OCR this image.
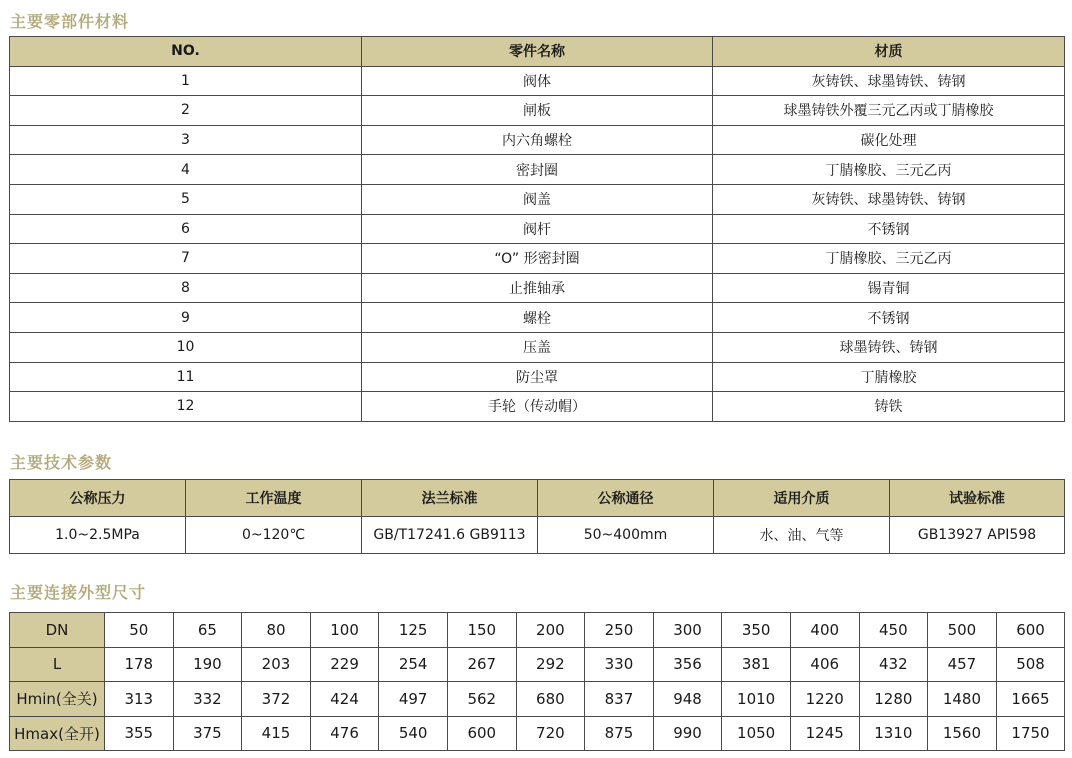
主要零部件材料
NO.	零件名称	材质
1	阀体	灰铸铁、球墨铸铁、铸钢
2	闸板	球墨铸铁外覆三元乙丙或丁腈橡胶
3	内六角螺栓	碳化处理
4	密封圈	丁腈橡胶、三元乙丙
5	阀盖	灰铸铁、球墨铸铁、铸钢
6	阀杆	不锈钢
7	“O” 形密封圈	丁腈橡胶、三元乙丙
8	止推轴承	锡青铜
9	螺栓	不锈钢
10	压盖	球墨铸铁、铸钢
11	防尘罩	丁腈橡胶
12	手轮（传动帽）	铸铁
主要技术参数
公称压力	工作温度	法兰标准	公称通径	适用介质	试验标准
1.0~2.5MPa	0~120℃	GB/T17241.6 GB9113	50~400mm	水、油、气等	GB13927 API598
主要连接外型尺寸
DN	50	65	80	100	125	150	200	250	300	350	400	450	500	600
L	178	190	203	229	254	267	292	330	356	381	406	432	457	508
Hmin(全关)	313	332	372	424	497	562	680	837	948	1010	1220	1280	1480	1665
Hmax(全开)	355	375	415	476	540	600	720	875	990	1050	1245	1310	1560	1750
